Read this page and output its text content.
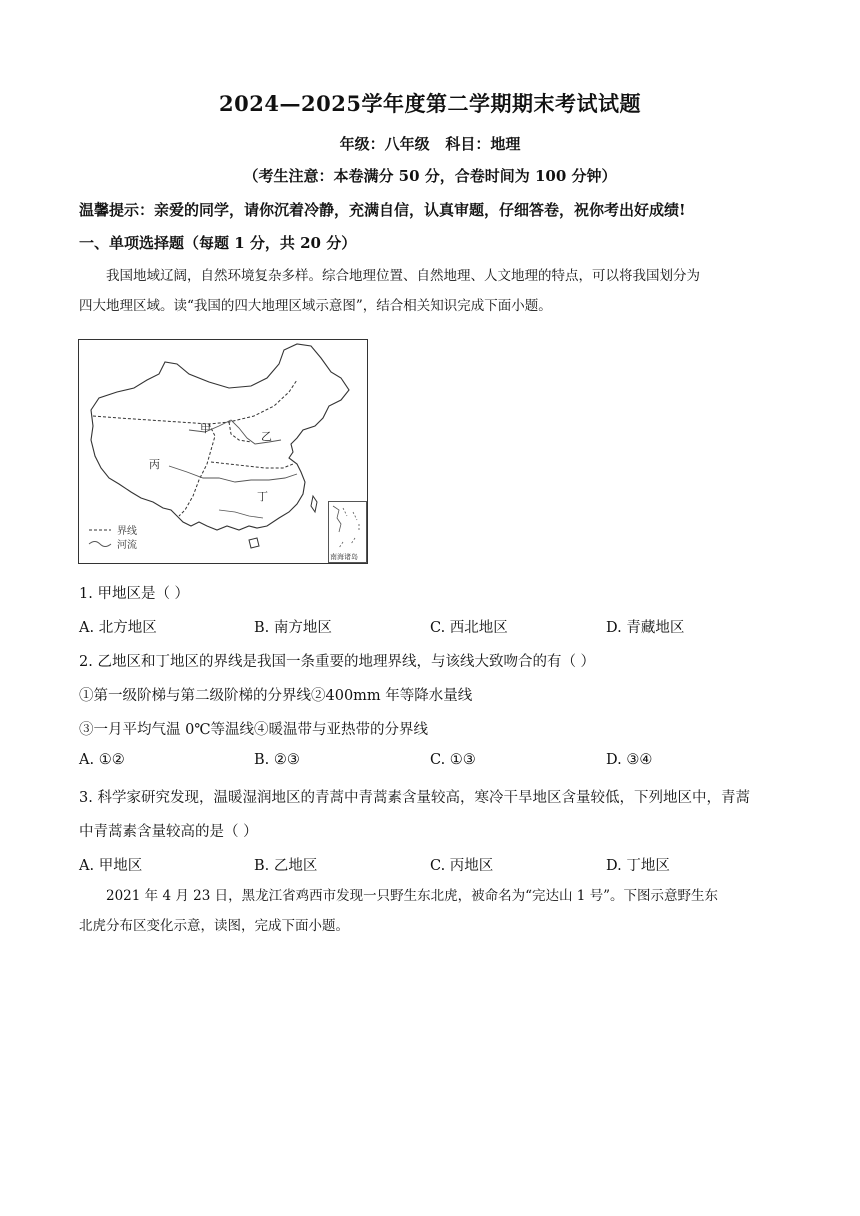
2024—2025学年度第二学期期末考试试题
年级：八年级   科目：地理
（考生注意：本卷满分 50 分，合卷时间为 100 分钟）
温馨提示：亲爱的同学，请你沉着冷静，充满自信，认真审题，仔细答卷，祝你考出好成绩!
一、单项选择题（每题 1 分，共 20 分）
我国地域辽阔，自然环境复杂多样。综合地理位置、自然地理、人文地理的特点，可以将我国划分为
四大地理区域。读“我国的四大地理区域示意图”，结合相关知识完成下面小题。
界线
河流
甲
乙
丙
丁
南海诸岛
1. 甲地区是（ ）
A. 北方地区	B. 南方地区	C. 西北地区	D. 青藏地区
2. 乙地区和丁地区的界线是我国一条重要的地理界线，与该线大致吻合的有（ ）
①第一级阶梯与第二级阶梯的分界线②400mm 年等降水量线
③一月平均气温 0℃等温线④暖温带与亚热带的分界线
A. ①②	B. ②③	C. ①③	D. ③④
3. 科学家研究发现，温暖湿润地区的青蒿中青蒿素含量较高，寒冷干旱地区含量较低，下列地区中，青蒿
中青蒿素含量较高的是（ ）
A. 甲地区	B. 乙地区	C. 丙地区	D. 丁地区
2021 年 4 月 23 日，黑龙江省鸡西市发现一只野生东北虎，被命名为“完达山 1 号”。下图示意野生东
北虎分布区变化示意，读图，完成下面小题。
